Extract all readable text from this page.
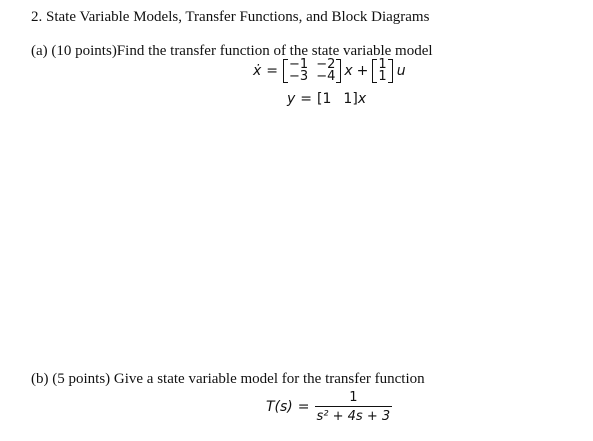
2. State Variable Models, Transfer Functions, and Block Diagrams
(a) (10 points)Find the transfer function of the state variable model
ẋ = −1 −2
−3 −4 x + 1
1 u
y = [ 1 1 ] x
(b) (5 points) Give a state variable model for the transfer function
$T(s) = \frac{1}{\text{s² + 4s + 3}}$
